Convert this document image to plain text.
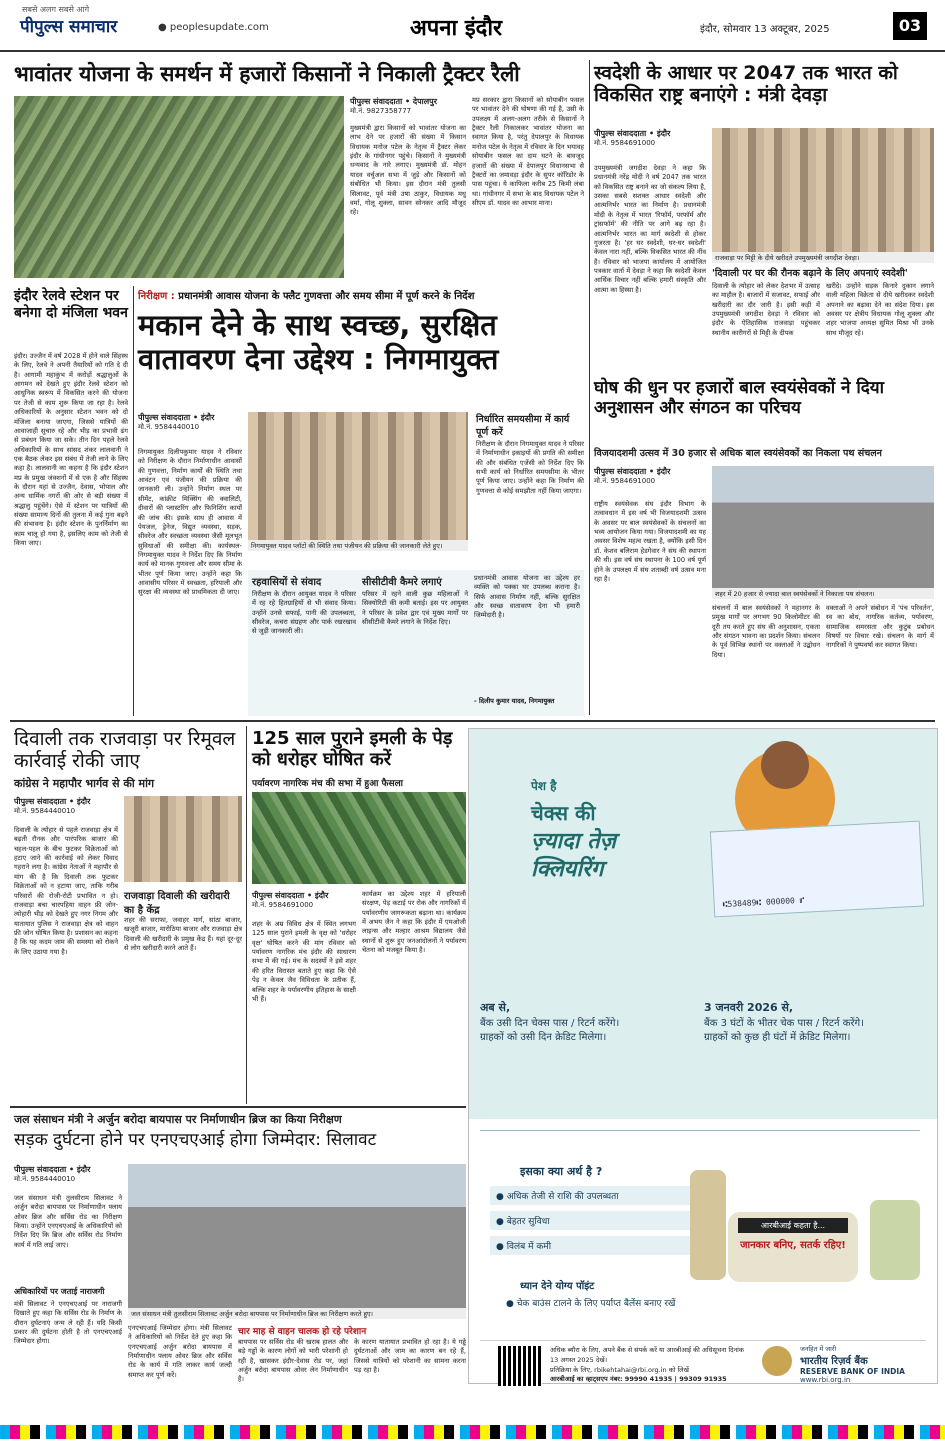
सबसे अलग सबसे आगे
पीपुल्स समाचार	● peoplesupdate.com	अपना इंदौर	इंदौर, सोमवार 13 अक्टूबर, 2025	03
भावांतर योजना के समर्थन में हजारों किसानों ने निकाली ट्रैक्टर रैली
पीपुल्स संवाददाता • देपालपुर
मो.नं. 9827358777
मुख्यमंत्री द्वारा किसानों को भावांतर योजना का लाभ देने पर हजारों की संख्या में किसान विधायक मनोज पटेल के नेतृत्व में ट्रैक्टर लेकर इंदौर के गांधीनगर पहुंचे। किसानों ने मुख्यमंत्री धन्यवाद के नारे लगाए। मुख्यमंत्री डॉ. मोहन यादव वर्चुअल सभा में जुड़े और किसानों को संबोधित भी किया। इस दौरान मंत्री तुलसी सिलावट, पूर्व मंत्री उषा ठाकुर, विधायक मधु वर्मा, गोलू शुक्ला, सावन सोनकर आदि मौजूद रहे।
मप्र सरकार द्वारा किसानों को सोयाबीन फसल पर भावांतर देने की घोषणा की गई है, उसी के उपलक्ष्य में अलग-अलग तरीके से किसानों ने ट्रैक्टर रैली निकालकर भावांतर योजना का स्वागत किया है, परंतु देपालपुर के विधायक मनोज पटेल के नेतृत्व में रविवार के दिन भयावह सोयाबीन फसल का दाम घटने के बावजूद हजारों की संख्या में देपालपुर विधानसभा से ट्रैक्टरों का जमावड़ा इंदौर के सुपर कॉरिडोर के पास पहुंचा। ये काफिला करीब 25 किमी लंबा था। गांधीनगर में सभा के बाद विधायक पटेल ने सीएम डॉ. यादव का आभार माना।
स्वदेशी के आधार पर 2047 तक भारत को विकसित राष्ट्र बनाएंगे : मंत्री देवड़ा
पीपुल्स संवाददाता • इंदौर
मो.नं. 9584691000
उपमुख्यमंत्री जगदीश देवड़ा ने कहा कि प्रधानमंत्री नरेंद्र मोदी ने वर्ष 2047 तक भारत को विकसित राष्ट्र बनाने का जो संकल्प लिया है, उसका सबसे सशक्त आधार स्वदेशी और आत्मनिर्भर भारत का निर्माण है। प्रधानमंत्री मोदी के नेतृत्व में भारत 'रिफॉर्म, परफॉर्म और ट्रांसफॉर्म' की नीति पर आगे बढ़ रहा है। आत्मनिर्भर भारत का मार्ग स्वदेशी से होकर गुजरता है। 'हर घर स्वदेशी, घर-घर स्वदेशी' केवल नारा नहीं, बल्कि विकसित भारत की नींव है। रविवार को भाजपा कार्यालय में आयोजित पत्रकार वार्ता में देवड़ा ने कहा कि स्वदेशी केवल आर्थिक विचार नहीं बल्कि हमारी संस्कृति और आत्मा का हिस्सा है।
राजवाड़ा पर मिट्टी के दीये खरीदते उपमुख्यमंत्री जगदीश देवड़ा।
'दिवाली पर घर की रौनक बढ़ाने के लिए अपनाएं स्वदेशी'
दिवाली के त्योहार को लेकर देशभर में उत्साह का माहौल है। बाजारों में सजावट, सफाई और खरीदारी का दौर जारी है। इसी कड़ी में उपमुख्यमंत्री जगदीश देवड़ा ने रविवार को इंदौर के ऐतिहासिक राजवाड़ा पहुंचकर स्थानीय कारीगरों से मिट्टी के दीपक
खरीदे। उन्होंने सड़क किनारे दुकान लगाने वाली महिला विक्रेता से दीये खरीदकर स्वदेशी अपनाने का बढ़ावा देने का संदेश दिया। इस अवसर पर क्षेत्रीय विधायक गोलू शुक्ला और शहर भाजपा अध्यक्ष सुमित मिश्रा भी उनके साथ मौजूद रहे।
इंदौर रेलवे स्टेशन पर बनेगा दो मंजिला भवन
इंदौर। उज्जैन में वर्ष 2028 में होने वाले सिंहस्थ के लिए, रेलवे ने अपनी तैयारियों को गति दे दी है। आगामी महाकुंभ में करोड़ों श्रद्धालुओं के आगमन को देखते हुए इंदौर रेलवे स्टेशन को आधुनिक स्वरूप में विकसित करने की योजना पर तेजी से काम शुरू किया जा रहा है। रेलवे अधिकारियों के अनुसार स्टेशन भवन को दो मंजिला बनाया जाएगा, जिससे यात्रियों की आवाजाही सुचारु रहे और भीड़ का प्रभावी ढंग से प्रबंधन किया जा सके। तीन दिन पहले रेलवे अधिकारियों के साथ सांसद शंकर लालवानी ने एक बैठक लेकर इस संबंध में तेजी लाने के लिए कहा है। लालवानी का कहना है कि इंदौर स्टेशन मप्र के प्रमुख जंक्शनों में से एक है और सिंहस्थ के दौरान यहां से उज्जैन, देवास, भोपाल और अन्य धार्मिक नगरों की ओर से बड़ी संख्या में श्रद्धालु पहुंचेंगे। ऐसे में स्टेशन पर यात्रियों की संख्या सामान्य दिनों की तुलना में कई गुना बढ़ने की संभावना है। इंदौर स्टेशन के पुनर्निर्माण का काम चालू हो गया है, इसलिए काम को तेजी से किया जाए।
निरीक्षण : प्रधानमंत्री आवास योजना के फ्लैट गुणवत्ता और समय सीमा में पूर्ण करने के निर्देश
मकान देने के साथ स्वच्छ, सुरक्षित वातावरण देना उद्देश्य : निगमायुक्त
पीपुल्स संवाददाता • इंदौर
मो.नं. 9584440010
निगमायुक्त दिलीपकुमार यादव ने रविवार को निरीक्षण के दौरान निर्माणाधीन आवासों की गुणवत्ता, निर्माण कार्यों की स्थिति तथा आवंटन एवं पंजीयन की प्रक्रिया की जानकारी ली। उन्होंने निर्माण स्थल पर सीमेंट, कांक्रीट मिक्सिंग की क्वालिटी, दीवारों की प्लास्टरिंग और फिनिशिंग कार्यों की जांच की। इसके साथ ही आवास में पेयजल, ड्रेनेज, विद्युत व्यवस्था, सड़क, सीवरेज और स्वच्छता व्यवस्था जैसी मूलभूत सुविधाओं की समीक्षा की। कार्यस्थल- निगमायुक्त यादव ने निर्देश दिए कि निर्माण कार्य को मानक गुणवत्ता और समय सीमा के भीतर पूर्ण किया जाए। उन्होंने कहा कि आवासीय परिसर में स्वच्छता, हरियाली और सुरक्षा की व्यवस्था को प्राथमिकता दी जाए।
निगमायुक्त यादव प्लॉटों की स्थिति तथा पंजीयन की प्रक्रिया की जानकारी लेते हुए।
निर्धारित समयसीमा में कार्य पूर्ण करें
निरीक्षण के दौरान निगमायुक्त यादव ने परिसर में निर्माणाधीन इकाइयों की प्रगति की समीक्षा की और संबंधित एजेंसी को निर्देश दिए कि सभी कार्य को निर्धारित समयसीमा के भीतर पूर्ण किया जाए। उन्होंने कहा कि निर्माण की गुणवत्ता से कोई समझौता नहीं किया जाएगा।
रहवासियों से संवाद
निरीक्षण के दौरान आयुक्त यादव ने परिसर में रह रहे हितग्राहियों से भी संवाद किया। उन्होंने उनसे सफाई, पानी की उपलब्धता, सीवरेज, कचरा संग्रहण और पार्क रखरखाव से जुड़ी जानकारी ली।
सीसीटीवी कैमरे लगाएं
परिसर में रहने वाली कुछ महिलाओं ने सिक्योरिटी की कमी बताई। इस पर आयुक्त ने परिसर के प्रवेश द्वार एवं मुख्य मार्गों पर सीसीटीवी कैमरे लगाने के निर्देश दिए।
प्रधानमंत्री आवास योजना का उद्देश्य हर व्यक्ति को पक्का घर उपलब्ध कराना है। सिर्फ आवास निर्माण नहीं, बल्कि सुरक्षित और स्वच्छ वातावरण देना भी हमारी जिम्मेदारी है।
- दिलीप कुमार यादव, निगमायुक्त
घोष की धुन पर हजारों बाल स्वयंसेवकों ने दिया अनुशासन और संगठन का परिचय
विजयादशमी उत्सव में 30 हजार से अधिक बाल स्वयंसेवकों का निकला पथ संचलन
पीपुल्स संवाददाता • इंदौर
मो.नं. 9584691000
राष्ट्रीय स्वयंसेवक संघ इंदौर विभाग के तत्वावधान में इस वर्ष भी विजयादशमी उत्सव के अवसर पर बाल स्वयंसेवकों के संचलनों का भव्य आयोजन किया गया। विजयादशमी का यह अवसर विशेष महत्व रखता है, क्योंकि इसी दिन डॉ. केशव बलिराम हेडगेवार ने संघ की स्थापना की थी। इस वर्ष संघ स्थापना के 100 वर्ष पूर्ण होने के उपलक्ष्य में संघ शताब्दी वर्ष उत्सव मना रहा है।
शहर में 20 हजार से ज्यादा बाल स्वयंसेवकों ने निकाला पथ संचलन।
संचलनों में बाल स्वयंसेवकों ने महानगर के प्रमुख मार्गों पर लगभग 90 किलोमीटर की दूरी तय करते हुए संघ की अनुशासन, एकता और संगठन भावना का प्रदर्शन किया। संचलन के पूर्व विभिन्न स्थानों पर वक्ताओं ने उद्बोधन दिया।
वक्ताओं ने अपने संबोधन में 'पंच परिवर्तन', स्व का बोध, नागरिक कर्तव्य, पर्यावरण, सामाजिक समरसता और कुटुंब प्रबोधन विषयों पर विचार रखे। संचलन के मार्ग में नागरिकों ने पुष्पवर्षा कर स्वागत किया।
दिवाली तक राजवाड़ा पर रिमूवल कार्रवाई रोकी जाए
कांग्रेस ने महापौर भार्गव से की मांग
पीपुल्स संवाददाता • इंदौर
मो.नं. 9584440010
दिवाली के त्योहार से पहले राजवाड़ा क्षेत्र में बढ़ती रौनक और पारंपरिक बाजार की चहल-पहल के बीच फुटकर विक्रेताओं को हटाए जाने की कार्रवाई को लेकर विवाद गहराने लगा है। कांग्रेस नेताओं ने महापौर से मांग की है कि दिवाली तक फुटकर विक्रेताओं को न हटाया जाए, ताकि गरीब परिवारों की रोजी-रोटी प्रभावित न हो। राजवाड़ा बचा चारपहिया वाहन फ्री जोन- त्योहारी भीड़ को देखते हुए नगर निगम और यातायात पुलिस ने राजवाड़ा क्षेत्र को वाहन फ्री जोन घोषित किया है। प्रशासन का कहना है कि यह कदम जाम की समस्या को रोकने के लिए उठाया गया है।
राजवाड़ा दिवाली की खरीदारी का है केंद्र
शहर की सराफा, जवाहर मार्ग, सांठा बाजार, खजूरी बाजार, मारोठिया बाजार और राजवाड़ा क्षेत्र दिवाली की खरीदारी के प्रमुख केंद्र हैं। यहां दूर-दूर से लोग खरीदारी करने आते हैं।
125 साल पुराने इमली के पेड़ को धरोहर घोषित करें
पर्यावरण नागरिक मंच की सभा में हुआ फैसला
पीपुल्स संवाददाता • इंदौर
मो.नं. 9584691000
शहर के अम्र विविध क्षेत्र में स्थित लगभग 125 साल पुराने इमली के वृक्ष को 'धरोहर वृक्ष' घोषित करने की मांग रविवार को पर्यावरण नागरिक मंच इंदौर की साधारण सभा में की गई। मंच के सदस्यों ने इसे शहर की हरित विरासत बताते हुए कहा कि ऐसे पेड़ न केवल जैव विविधता के प्रतीक हैं, बल्कि शहर के पर्यावरणीय इतिहास के साक्षी भी हैं।
कार्यक्रम का उद्देश्य शहर में हरियाली संरक्षण, पेड़ कटाई पर रोक और नागरिकों में पर्यावरणीय जागरूकता बढ़ाना था। कार्यक्रम में अभय जैन ने कहा कि इंदौर में एमओजी लाइन्स और मल्हार आश्रम विद्यालय जैसे स्थानों से शुरू हुए जनआंदोलनों ने पर्यावरण चेतना को मजबूत किया है।
जल संसाधन मंत्री ने अर्जुन बरोदा बायपास पर निर्माणाधीन ब्रिज का किया निरीक्षण
सड़क दुर्घटना होने पर एनएचएआई होगा जिम्मेदार: सिलावट
पीपुल्स संवाददाता • इंदौर
मो.नं. 9584440010
जल संसाधन मंत्री तुलसीराम सिलावट ने अर्जुन बरोदा बायपास पर निर्माणाधीन फ्लाय ओवर ब्रिज और सर्विस रोड का निरीक्षण किया। उन्होंने एनएचएआई के अधिकारियों को निर्देश दिए कि ब्रिज और सर्विस रोड निर्माण कार्य में गति लाई जाए।
अधिकारियों पर जताई नाराजगी
मंत्री सिलावट ने एनएचएआई पर नाराजगी दिखाते हुए कहा कि सर्विस रोड के निर्माण के दौरान दुर्घटनाएं जन्म ले रही हैं। यदि किसी प्रकार की दुर्घटना होती है तो एनएचएआई जिम्मेदार होगा।
जल संसाधन मंत्री तुलसीराम सिलावट अर्जुन बरोदा बायपास पर निर्माणाधीन ब्रिज का निरीक्षण करते हुए।
एनएचएआई जिम्मेदार होगा। मंत्री सिलावट ने अधिकारियों को निर्देश देते हुए कहा कि एनएचएआई अर्जुन बरोदा बायपास में निर्माणाधीन फ्लाय ओवर ब्रिज और सर्विस रोड के कार्य में गति लाकर कार्य जल्दी समाप्त कर पूर्ण करें।
चार माह से वाहन चालक हो रहे परेशान
बायपास पर सर्विस रोड की खराब हालत और बड़े गड्ढों के कारण लोगों को भारी परेशानी हो रही है, खासकर इंदौर-देवास रोड पर, जहां अर्जुन बरोदा बायपास ओवर लेन निर्माणाधीन है।
के कारण यातायात प्रभावित हो रहा है। ये गड्ढे दुर्घटनाओं और जाम का कारण बन रहे हैं, जिससे यात्रियों को परेशानी का सामना करना पड़ रहा है।
पेश है
चेक्स की
ज़्यादा तेज़
क्लियरिंग
⑆538489⑆ 000000 ⑈
अब से,
बैंक उसी दिन चेक्स पास / रिटर्न करेंगे।
ग्राहकों को उसी दिन क्रेडिट मिलेगा।
3 जनवरी 2026 से,
बैंक 3 घंटों के भीतर चेक पास / रिटर्न करेंगे।
ग्राहकों को कुछ ही घंटों में क्रेडिट मिलेगा।
इसका क्या अर्थ है ?
● अधिक तेजी से राशि की उपलब्धता
● बेहतर सुविधा
● विलंब में कमी
ध्यान देने योग्य पॉइंट
● चेक बाउंस टालने के लिए पर्याप्त बैलेंस बनाए रखें
आरबीआई कहता है...
जानकार बनिए, सतर्क रहिए!
अधिक ब्यौरा के लिए, अपने बैंक से संपर्क करें या आरबीआई की अधिसूचना दिनांक 13 अगस्त 2025 देखें।
प्रतिक्रिया के लिए, rbikehtahai@rbi.org.in को लिखें
आरबीआई का व्हाट्सएप नंबर: 99990 41935 | 99309 91935
जनहित में जारी
भारतीय रिज़र्व बैंक
RESERVE BANK OF INDIA
www.rbi.org.in
